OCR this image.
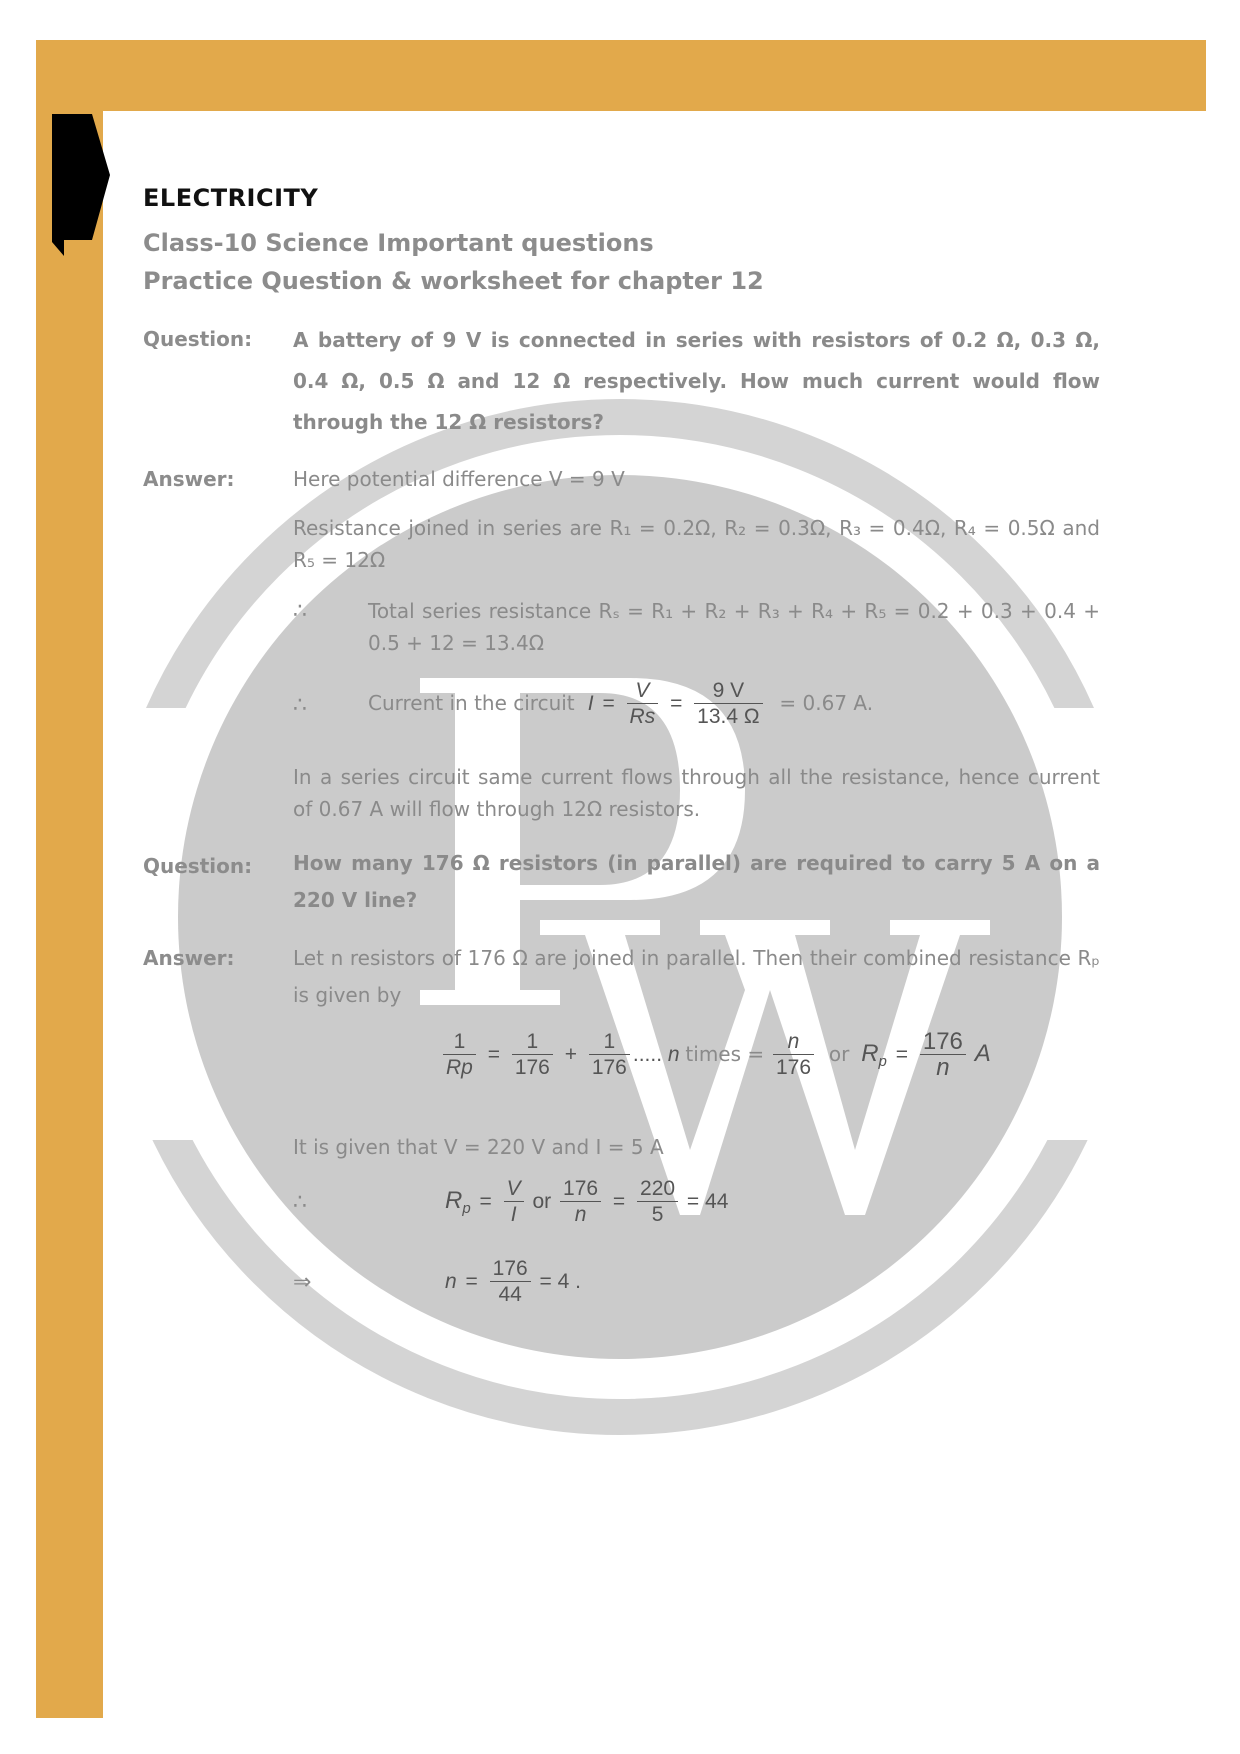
ELECTRICITY
Class-10 Science Important questions
Practice Question & worksheet for chapter 12
Question: A battery of 9 V is connected in series with resistors of 0.2 Ω, 0.3 Ω, 0.4 Ω, 0.5 Ω and 12 Ω respectively. How much current would flow through the 12 Ω resistors?
Answer:	Here potential difference V = 9 V
Resistance joined in series are R₁ = 0.2Ω, R₂ = 0.3Ω, R₃ = 0.4Ω, R₄ = 0.5Ω and R₅ = 12Ω
∴	Total series resistance Rₛ = R₁ + R₂ + R₃ + R₄ + R₅ = 0.2 + 0.3 + 0.4 + 0.5 + 12 = 13.4Ω
∴	Current in the circuit $I = \frac{V}{Rs} = \frac{9 V}{13.4 \Omega} = 0.67$ A.
In a series circuit same current flows through all the resistance, hence current of 0.67 A will flow through 12Ω resistors.
Question: How many 176 Ω resistors (in parallel) are required to carry 5 A on a 220 V line?
Answer:	Let n resistors of 176 Ω are joined in parallel. Then their combined resistance Rₚ is given by
$\frac{1}{Rp} = \frac{1}{176} + \frac{1}{176}$ ..... n times = $\frac{n}{176}$ or $R_p = \frac{176}{n}$ A
It is given that V = 220 V and I = 5 A
∴	$R_p = \frac{V}{I}$ or $\frac{176}{n} = \frac{220}{5} = 44$
⇒	$n = \frac{176}{44} = 4$ .
